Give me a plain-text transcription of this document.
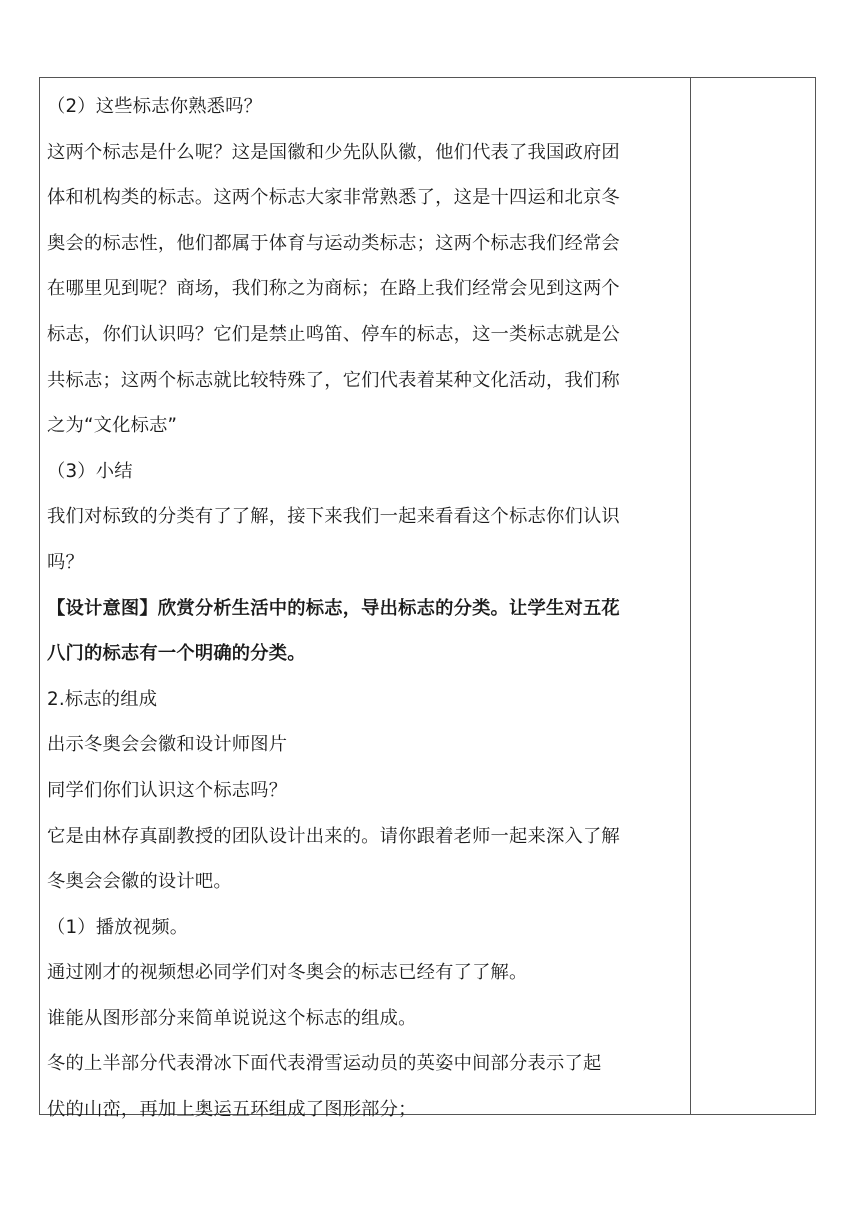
（2）这些标志你熟悉吗？
这两个标志是什么呢？这是国徽和少先队队徽，他们代表了我国政府团
体和机构类的标志。这两个标志大家非常熟悉了，这是十四运和北京冬
奥会的标志性，他们都属于体育与运动类标志；这两个标志我们经常会
在哪里见到呢？商场，我们称之为商标；在路上我们经常会见到这两个
标志，你们认识吗？它们是禁止鸣笛、停车的标志，这一类标志就是公
共标志；这两个标志就比较特殊了，它们代表着某种文化活动，我们称
之为“文化标志”
（3）小结
我们对标致的分类有了了解，接下来我们一起来看看这个标志你们认识
吗？
【设计意图】欣赏分析生活中的标志，导出标志的分类。让学生对五花
八门的标志有一个明确的分类。
2.标志的组成
出示冬奥会会徽和设计师图片
同学们你们认识这个标志吗？
它是由林存真副教授的团队设计出来的。请你跟着老师一起来深入了解
冬奥会会徽的设计吧。
（1）播放视频。
通过刚才的视频想必同学们对冬奥会的标志已经有了了解。
谁能从图形部分来简单说说这个标志的组成。
冬的上半部分代表滑冰下面代表滑雪运动员的英姿中间部分表示了起
伏的山峦，再加上奥运五环组成了图形部分；
